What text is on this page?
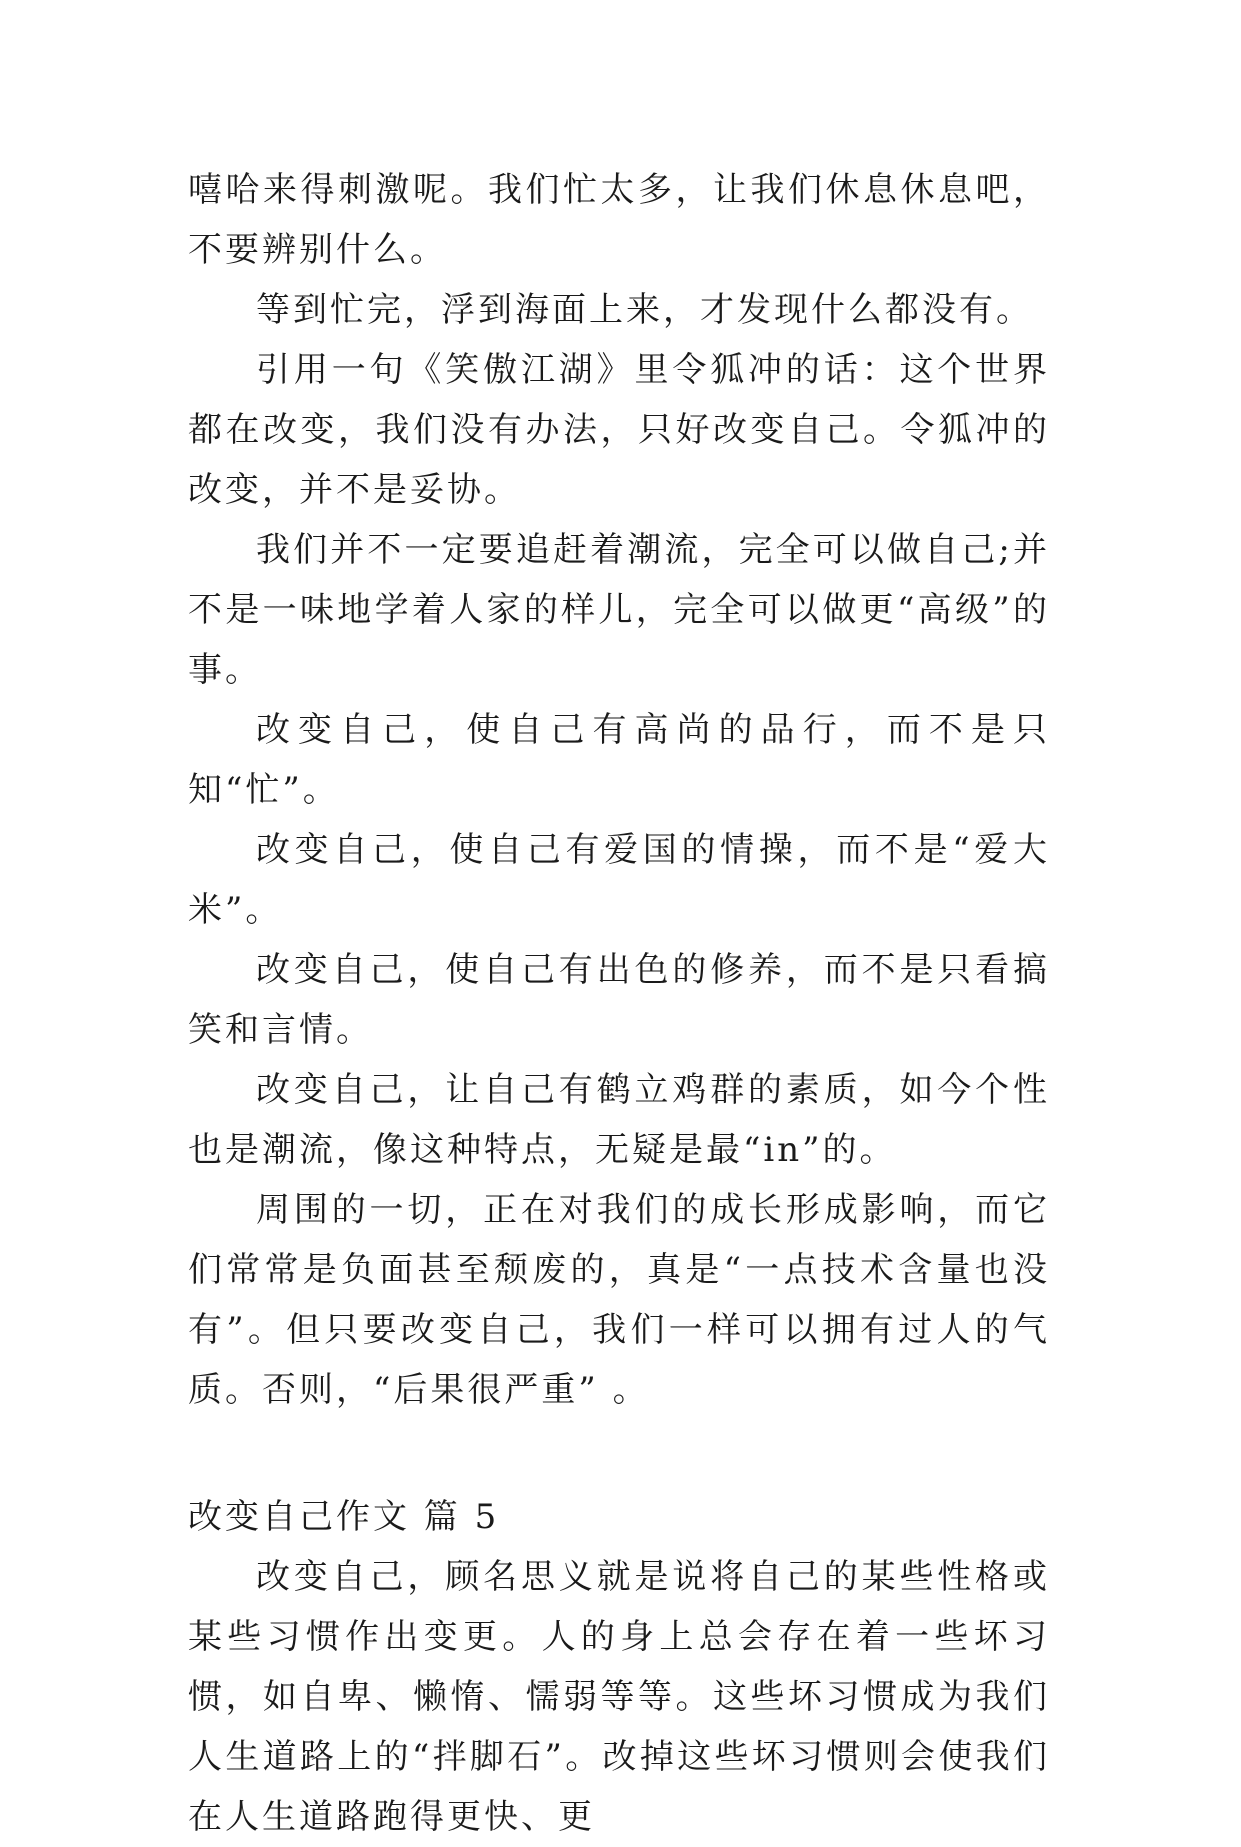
嘻哈来得刺激呢。我们忙太多，让我们休息休息吧，不要辨别什么。

等到忙完，浮到海面上来，才发现什么都没有。

引用一句《笑傲江湖》里令狐冲的话：这个世界都在改变，我们没有办法，只好改变自己。令狐冲的改变，并不是妥协。

我们并不一定要追赶着潮流，完全可以做自己;并不是一味地学着人家的样儿，完全可以做更“高级”的事。

改变自己，使自己有高尚的品行，而不是只知“忙”。

改变自己，使自己有爱国的情操，而不是“爱大米”。

改变自己，使自己有出色的修养，而不是只看搞笑和言情。

改变自己，让自己有鹤立鸡群的素质，如今个性也是潮流，像这种特点，无疑是最“in”的。

周围的一切，正在对我们的成长形成影响，而它们常常是负面甚至颓废的，真是“一点技术含量也没有”。但只要改变自己，我们一样可以拥有过人的气质。否则，“后果很严重” 。

改变自己作文 篇 5

改变自己，顾名思义就是说将自己的某些性格或某些习惯作出变更。人的身上总会存在着一些坏习惯，如自卑、懒惰、懦弱等等。这些坏习惯成为我们人生道路上的“拌脚石”。改掉这些坏习惯则会使我们在人生道路跑得更快、更
